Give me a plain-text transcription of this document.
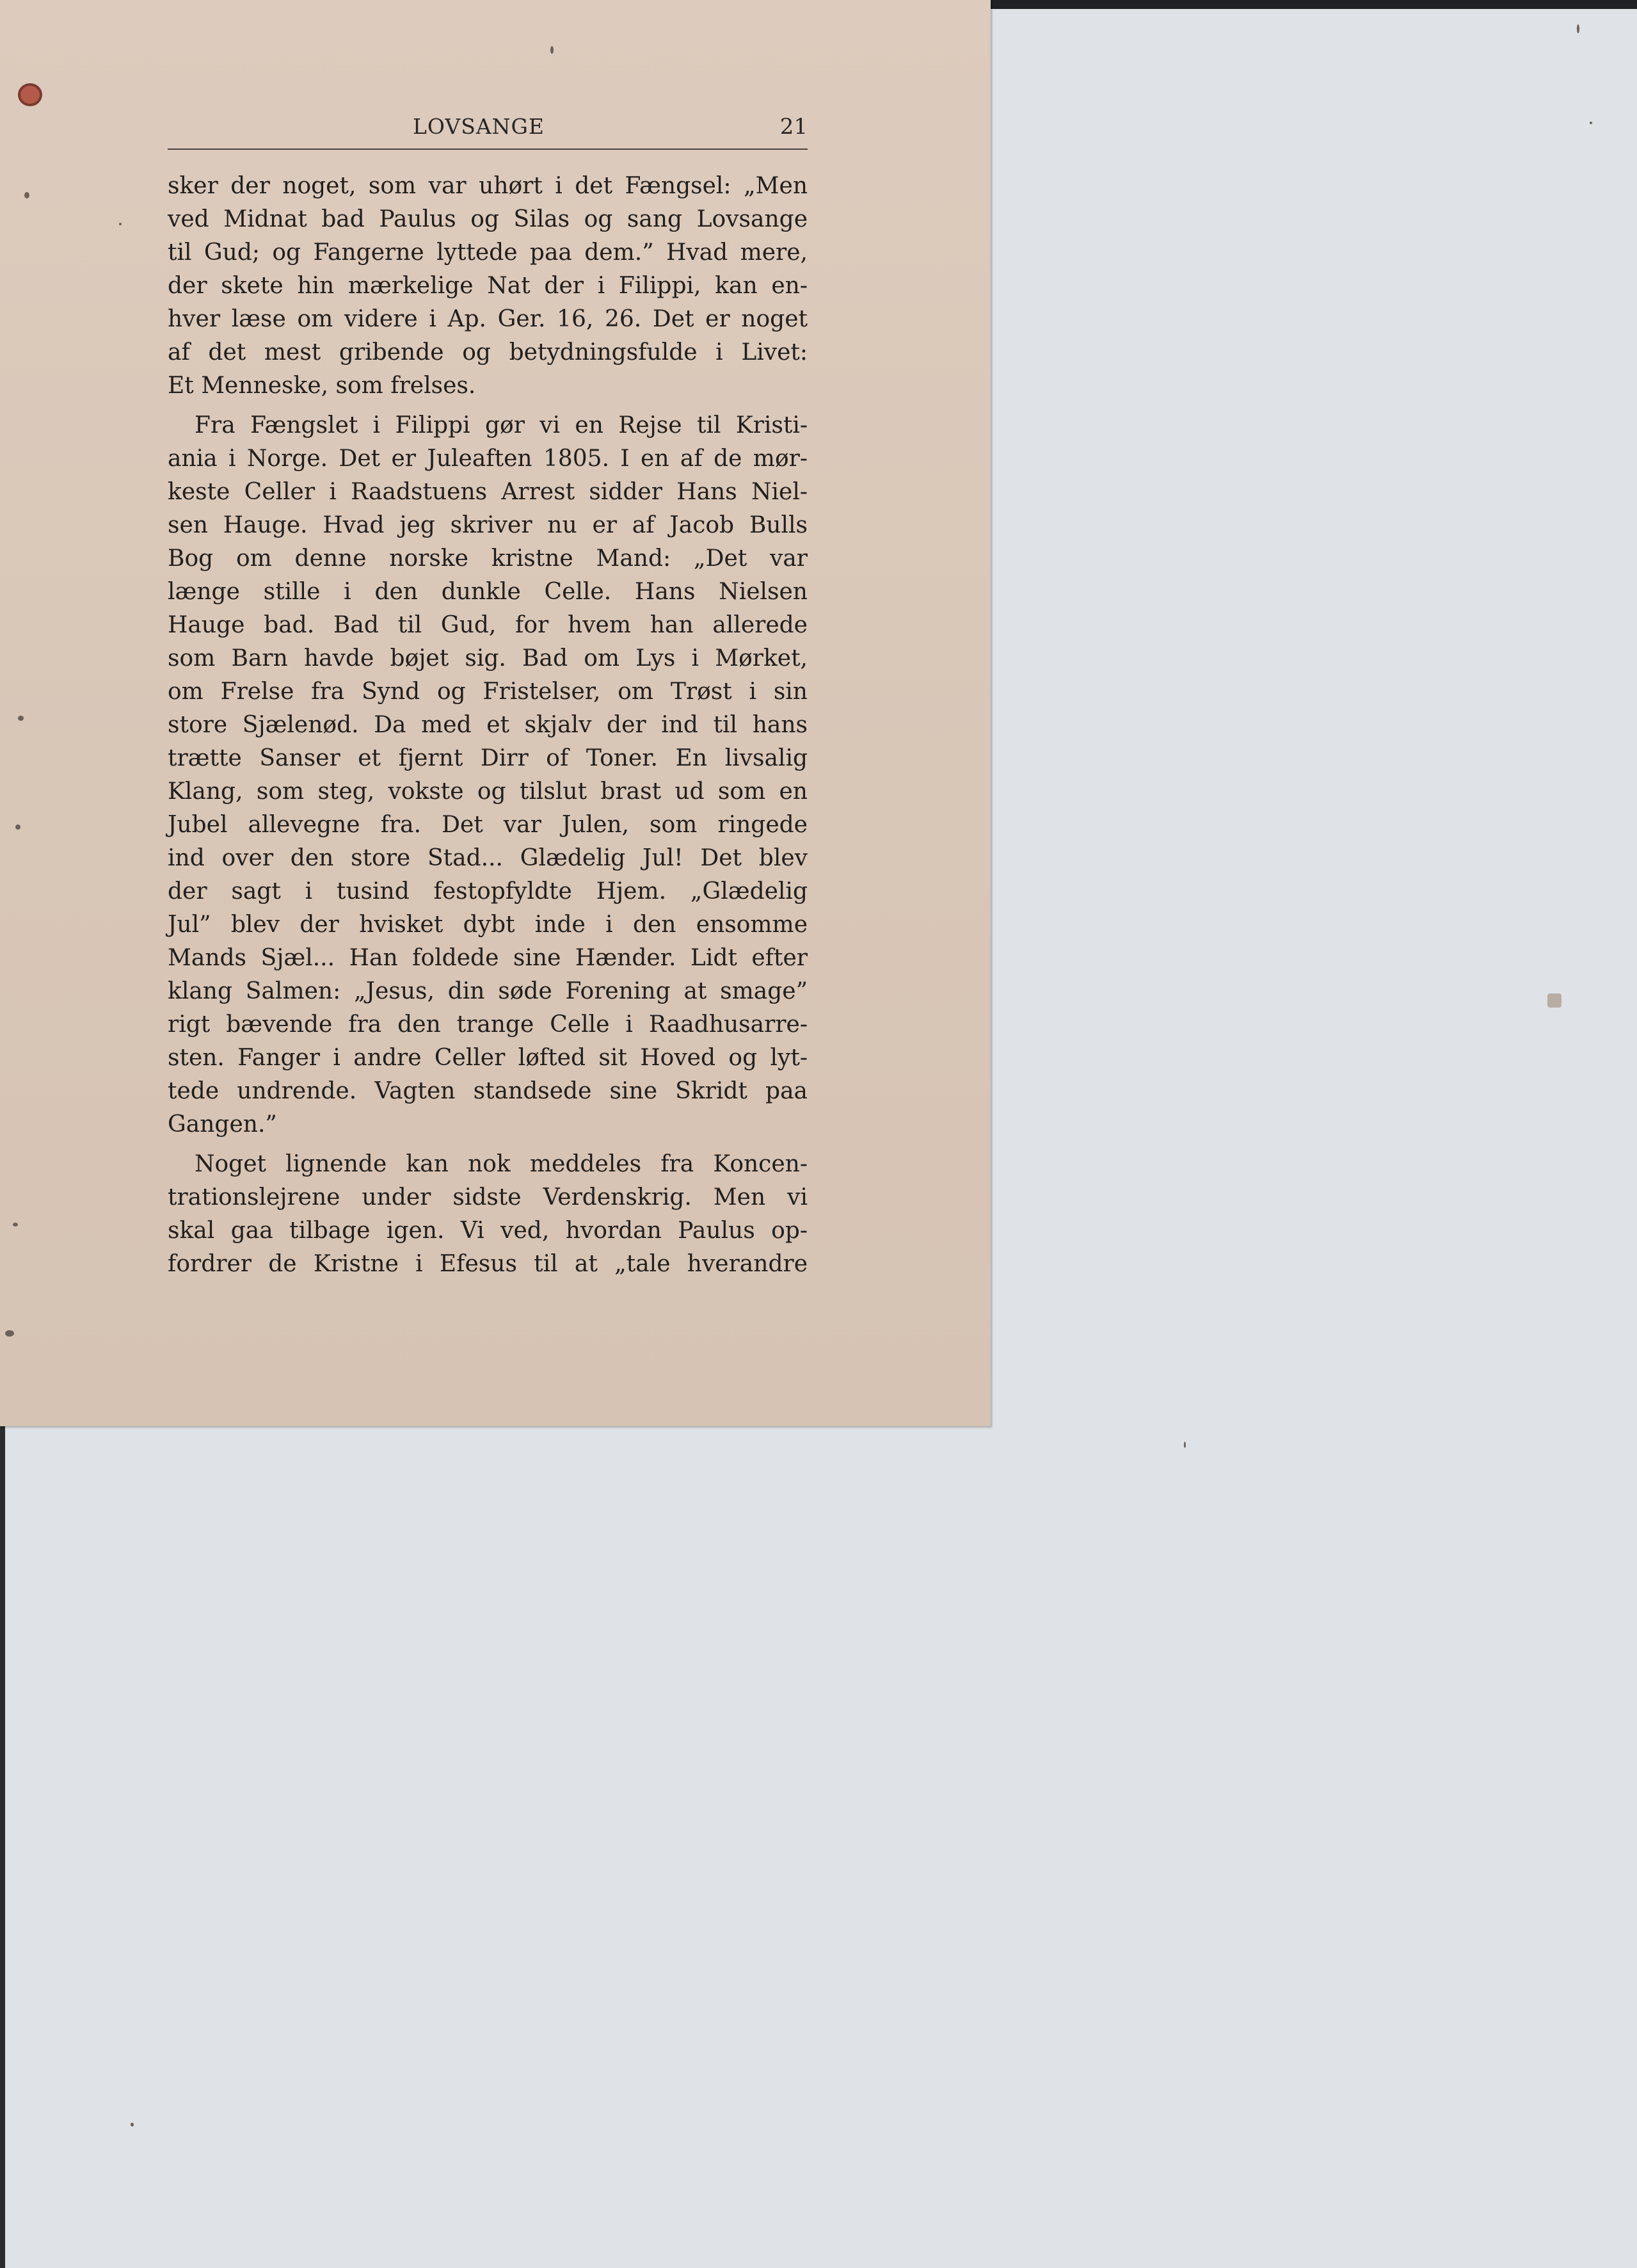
LOVSANGE	21

sker der noget, som var uhørt i det Fængsel: „Men
ved Midnat bad Paulus og Silas og sang Lovsange
til Gud; og Fangerne lyttede paa dem.” Hvad mere,
der skete hin mærkelige Nat der i Filippi, kan en-
hver læse om videre i Ap. Ger. 16, 26. Det er noget
af det mest gribende og betydningsfulde i Livet:
Et Menneske, som frelses.

Fra Fængslet i Filippi gør vi en Rejse til Kristi-
ania i Norge. Det er Juleaften 1805. I en af de mør-
keste Celler i Raadstuens Arrest sidder Hans Niel-
sen Hauge. Hvad jeg skriver nu er af Jacob Bulls
Bog om denne norske kristne Mand: „Det var
længe stille i den dunkle Celle. Hans Nielsen
Hauge bad. Bad til Gud, for hvem han allerede
som Barn havde bøjet sig. Bad om Lys i Mørket,
om Frelse fra Synd og Fristelser, om Trøst i sin
store Sjælenød. Da med et skjalv der ind til hans
trætte Sanser et fjernt Dirr of Toner. En livsalig
Klang, som steg, vokste og tilslut brast ud som en
Jubel allevegne fra. Det var Julen, som ringede
ind over den store Stad... Glædelig Jul! Det blev
der sagt i tusind festopfyldte Hjem. „Glædelig
Jul” blev der hvisket dybt inde i den ensomme
Mands Sjæl... Han foldede sine Hænder. Lidt efter
klang Salmen: „Jesus, din søde Forening at smage”
rigt bævende fra den trange Celle i Raadhusarre-
sten. Fanger i andre Celler løfted sit Hoved og lyt-
tede undrende. Vagten standsede sine Skridt paa
Gangen.”

Noget lignende kan nok meddeles fra Koncen-
trationslejrene under sidste Verdenskrig. Men vi
skal gaa tilbage igen. Vi ved, hvordan Paulus op-
fordrer de Kristne i Efesus til at „tale hverandre
